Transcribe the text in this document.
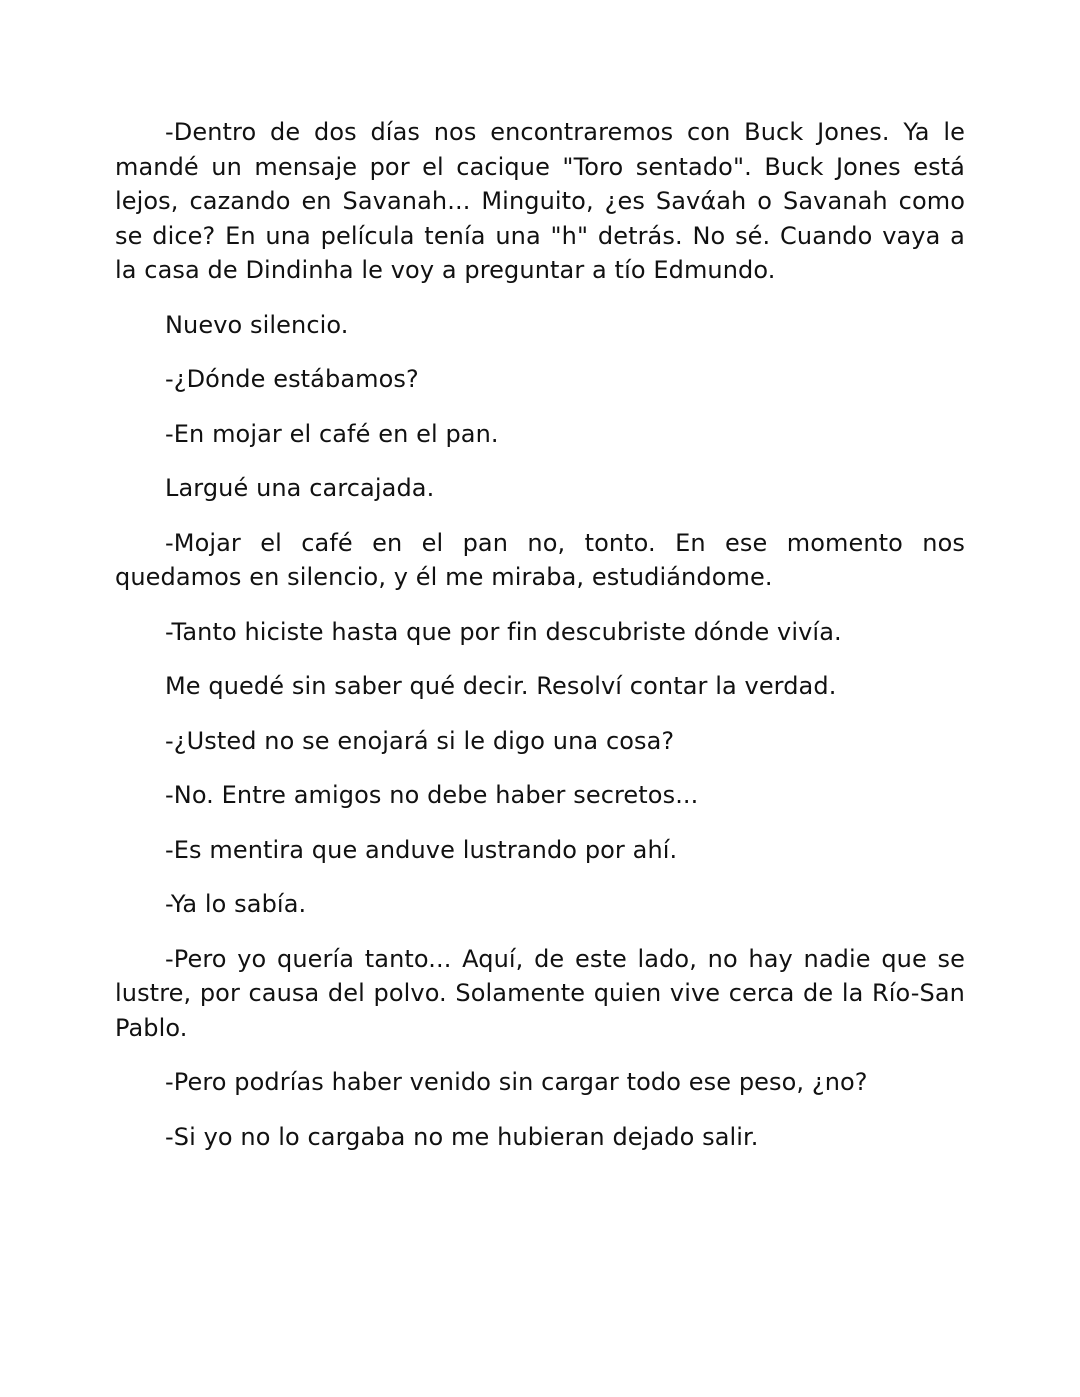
-Dentro de dos días nos encontraremos con Buck Jones. Ya le mandé un mensaje por el cacique "Toro sentado". Buck Jones está lejos, cazando en Savanah... Minguito, ¿es Savάah o Savanah como se dice? En una película tenía una "h" detrás. No sé. Cuando vaya a la casa de Dindinha le voy a preguntar a tío Edmundo.

Nuevo silencio.

-¿Dónde estábamos?

-En mojar el café en el pan.

Largué una carcajada.

-Mojar el café en el pan no, tonto. En ese momento nos quedamos en silencio, y él me miraba, estudiándome.

-Tanto hiciste hasta que por fin descubriste dónde vivía.

Me quedé sin saber qué decir. Resolví contar la verdad.

-¿Usted no se enojará si le digo una cosa?

-No. Entre amigos no debe haber secretos...

-Es mentira que anduve lustrando por ahí.

-Ya lo sabía.

-Pero yo quería tanto... Aquí, de este lado, no hay nadie que se lustre, por causa del polvo. Solamente quien vive cerca de la Río-San Pablo.

-Pero podrías haber venido sin cargar todo ese peso, ¿no?

-Si yo no lo cargaba no me hubieran dejado salir.
